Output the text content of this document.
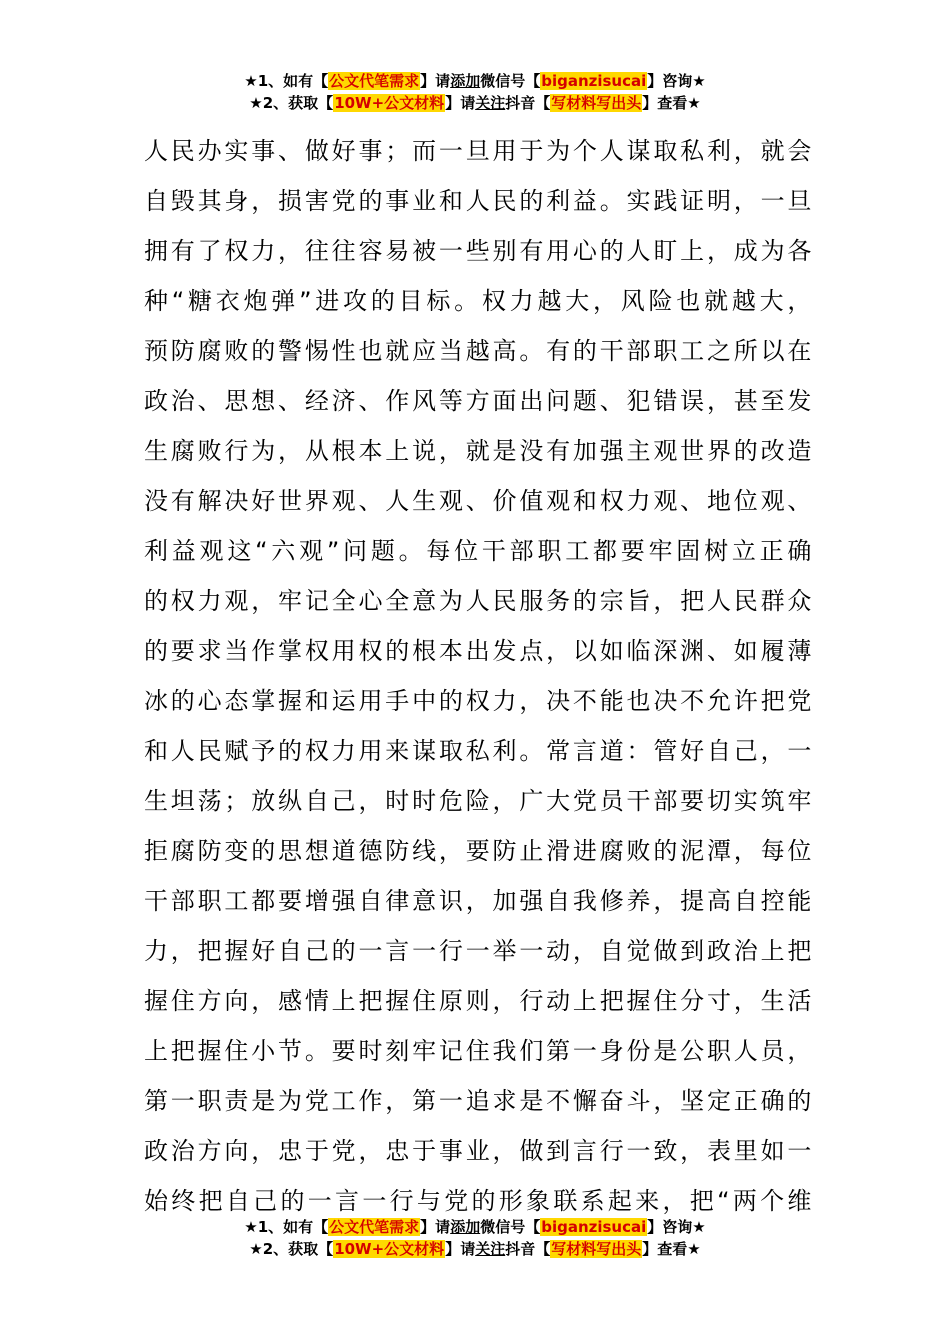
★1、如有【公文代笔需求】请添加微信号【biganzisucai】咨询★
★2、获取【10W+公文材料】请关注抖音【写材料写出头】查看★
人民办实事、做好事；而一旦用于为个人谋取私利，就会
自毁其身，损害党的事业和人民的利益。实践证明，一旦
拥有了权力，往往容易被一些别有用心的人盯上，成为各
种“糖衣炮弹”进攻的目标。权力越大，风险也就越大，
预防腐败的警惕性也就应当越高。有的干部职工之所以在
政治、思想、经济、作风等方面出问题、犯错误，甚至发
生腐败行为，从根本上说，就是没有加强主观世界的改造
没有解决好世界观、人生观、价值观和权力观、地位观、
利益观这“六观”问题。每位干部职工都要牢固树立正确
的权力观，牢记全心全意为人民服务的宗旨，把人民群众
的要求当作掌权用权的根本出发点，以如临深渊、如履薄
冰的心态掌握和运用手中的权力，决不能也决不允许把党
和人民赋予的权力用来谋取私利。常言道：管好自己，一
生坦荡；放纵自己，时时危险，广大党员干部要切实筑牢
拒腐防变的思想道德防线，要防止滑进腐败的泥潭，每位
干部职工都要增强自律意识，加强自我修养，提高自控能
力，把握好自己的一言一行一举一动，自觉做到政治上把
握住方向，感情上把握住原则，行动上把握住分寸，生活
上把握住小节。要时刻牢记住我们第一身份是公职人员，
第一职责是为党工作，第一追求是不懈奋斗，坚定正确的
政治方向，忠于党，忠于事业，做到言行一致，表里如一
始终把自己的一言一行与党的形象联系起来，把“两个维
★1、如有【公文代笔需求】请添加微信号【biganzisucai】咨询★
★2、获取【10W+公文材料】请关注抖音【写材料写出头】查看★
